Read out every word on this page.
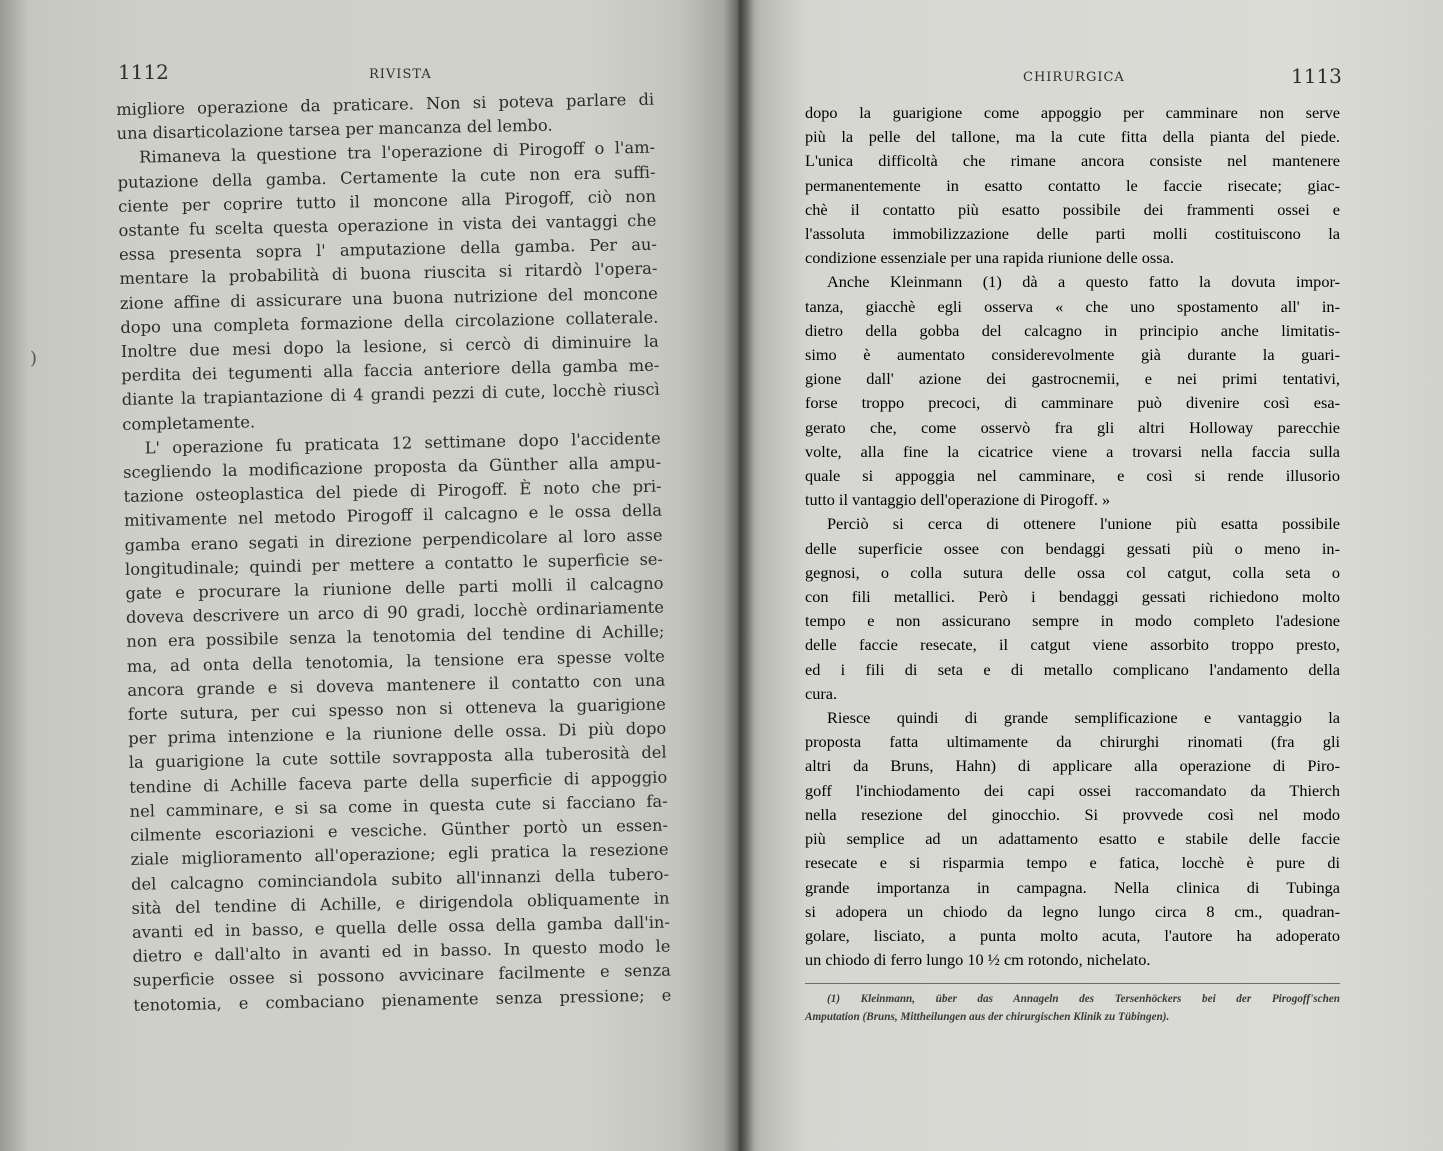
1112	RIVISTA
)
migliore operazione da praticare. Non si poteva parlare di
una disarticolazione tarsea per mancanza del lembo.
Rimaneva la questione tra l'operazione di Pirogoff o l'am-
putazione della gamba. Certamente la cute non era suffi-
ciente per coprire tutto il moncone alla Pirogoff, ciò non
ostante fu scelta questa operazione in vista dei vantaggi che
essa presenta sopra l' amputazione della gamba. Per au-
mentare la probabilità di buona riuscita si ritardò l'opera-
zione affine di assicurare una buona nutrizione del moncone
dopo una completa formazione della circolazione collaterale.
Inoltre due mesi dopo la lesione, si cercò di diminuire la
perdita dei tegumenti alla faccia anteriore della gamba me-
diante la trapiantazione di 4 grandi pezzi di cute, locchè riuscì
completamente.
L' operazione fu praticata 12 settimane dopo l'accidente
scegliendo la modificazione proposta da Günther alla ampu-
tazione osteoplastica del piede di Pirogoff. È noto che pri-
mitivamente nel metodo Pirogoff il calcagno e le ossa della
gamba erano segati in direzione perpendicolare al loro asse
longitudinale; quindi per mettere a contatto le superficie se-
gate e procurare la riunione delle parti molli il calcagno
doveva descrivere un arco di 90 gradi, locchè ordinariamente
non era possibile senza la tenotomia del tendine di Achille;
ma, ad onta della tenotomia, la tensione era spesse volte
ancora grande e si doveva mantenere il contatto con una
forte sutura, per cui spesso non si otteneva la guarigione
per prima intenzione e la riunione delle ossa. Di più dopo
la guarigione la cute sottile sovrapposta alla tuberosità del
tendine di Achille faceva parte della superficie di appoggio
nel camminare, e si sa come in questa cute si facciano fa-
cilmente escoriazioni e vesciche. Günther portò un essen-
ziale miglioramento all'operazione; egli pratica la resezione
del calcagno cominciandola subito all'innanzi della tubero-
sità del tendine di Achille, e dirigendola obliquamente in
avanti ed in basso, e quella delle ossa della gamba dall'in-
dietro e dall'alto in avanti ed in basso. In questo modo le
superficie ossee si possono avvicinare facilmente e senza
tenotomia, e combaciano pienamente senza pressione; e
CHIRURGICA	1113
dopo la guarigione come appoggio per camminare non serve
più la pelle del tallone, ma la cute fitta della pianta del piede.
L'unica difficoltà che rimane ancora consiste nel mantenere
permanentemente in esatto contatto le faccie risecate; giac-
chè il contatto più esatto possibile dei frammenti ossei e
l'assoluta immobilizzazione delle parti molli costituiscono la
condizione essenziale per una rapida riunione delle ossa.
Anche Kleinmann (1) dà a questo fatto la dovuta impor-
tanza, giacchè egli osserva « che uno spostamento all' in-
dietro della gobba del calcagno in principio anche limitatis-
simo è aumentato considerevolmente già durante la guari-
gione dall' azione dei gastrocnemii, e nei primi tentativi,
forse troppo precoci, di camminare può divenire così esa-
gerato che, come osservò fra gli altri Holloway parecchie
volte, alla fine la cicatrice viene a trovarsi nella faccia sulla
quale si appoggia nel camminare, e così si rende illusorio
tutto il vantaggio dell'operazione di Pirogoff. »
Perciò si cerca di ottenere l'unione più esatta possibile
delle superficie ossee con bendaggi gessati più o meno in-
gegnosi, o colla sutura delle ossa col catgut, colla seta o
con fili metallici. Però i bendaggi gessati richiedono molto
tempo e non assicurano sempre in modo completo l'adesione
delle faccie resecate, il catgut viene assorbito troppo presto,
ed i fili di seta e di metallo complicano l'andamento della
cura.
Riesce quindi di grande semplificazione e vantaggio la
proposta fatta ultimamente da chirurghi rinomati (fra gli
altri da Bruns, Hahn) di applicare alla operazione di Piro-
goff l'inchiodamento dei capi ossei raccomandato da Thierch
nella resezione del ginocchio. Si provvede così nel modo
più semplice ad un adattamento esatto e stabile delle faccie
resecate e si risparmia tempo e fatica, locchè è pure di
grande importanza in campagna. Nella clinica di Tubinga
si adopera un chiodo da legno lungo circa 8 cm., quadran-
golare, lisciato, a punta molto acuta, l'autore ha adoperato
un chiodo di ferro lungo 10 ½ cm rotondo, nichelato.
(1) Kleinmann, über das Annageln des Tersenhöckers bei der Pirogoff'schen
Amputation (Bruns, Mittheilungen aus der chirurgischen Klinik zu Tübingen).
